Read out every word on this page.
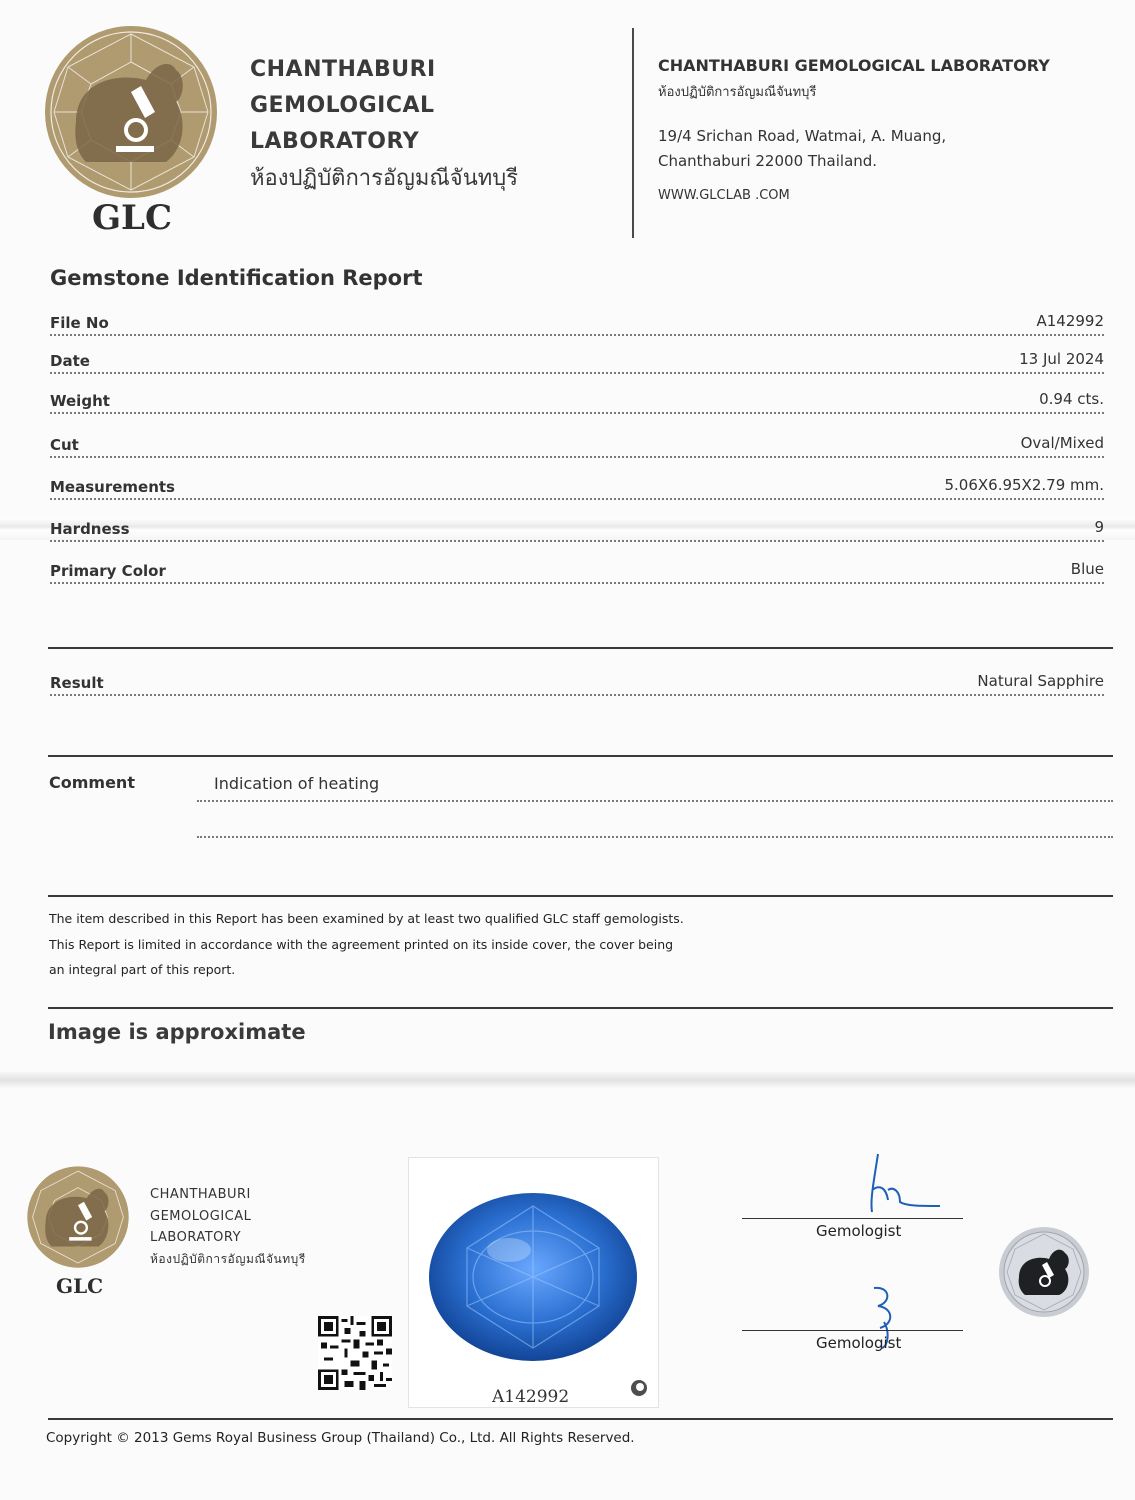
GLC
CHANTHABURI
GEMOLOGICAL
LABORATORY
ห้องปฏิบัติการอัญมณีจันทบุรี
CHANTHABURI GEMOLOGICAL LABORATORY
ห้องปฏิบัติการอัญมณีจันทบุรี
19/4 Srichan Road, Watmai, A. Muang,
Chanthaburi 22000 Thailand.
WWW.GLCLAB .COM
Gemstone Identification Report
File No	A142992
Date	13 Jul 2024
Weight	0.94 cts.
Cut	Oval/Mixed
Measurements	5.06X6.95X2.79 mm.
Hardness	9
Primary Color	Blue
Result	Natural Sapphire
Comment	Indication of heating
The item described in this Report has been examined by at least two qualified GLC staff gemologists.
This Report is limited in accordance with the agreement printed on its inside cover, the cover being
an integral part of this report.
Image is approximate
GLC
CHANTHABURI
GEMOLOGICAL
LABORATORY
ห้องปฏิบัติการอัญมณีจันทบุรี
A142992
Gemologist
Gemologist
Copyright © 2013 Gems Royal Business Group (Thailand) Co., Ltd. All Rights Reserved.
